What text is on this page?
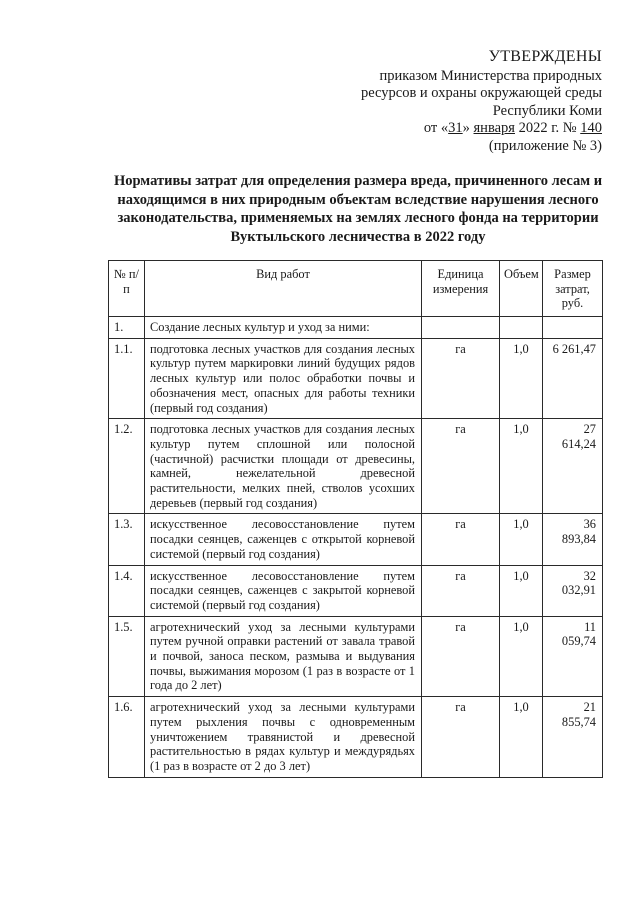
УТВЕРЖДЕНЫ
приказом Министерства природных
ресурсов и охраны окружающей среды
Республики Коми
от «31» января 2022 г. № 140
(приложение № 3)
Нормативы затрат для определения размера вреда, причиненного лесам и находящимся в них природным объектам вследствие нарушения лесного законодательства, применяемых на землях лесного фонда на территории Вуктыльского лесничества в 2022 году
№ п/п	Вид работ	Единица измерения	Объем	Размер затрат, руб.
1.	Создание лесных культур и уход за ними:			
1.1.	подготовка лесных участков для создания лесных культур путем маркировки линий будущих рядов лесных культур или полос обработки почвы и обозначения мест, опасных для работы техники (первый год создания)	га	1,0	6 261,47
1.2.	подготовка лесных участков для создания лесных культур путем сплошной или полосной (частичной) расчистки площади от древесины, камней, нежелательной древесной растительности, мелких пней, стволов усохших деревьев (первый год создания)	га	1,0	27 614,24
1.3.	искусственное лесовосстановление путем посадки сеянцев, саженцев с открытой корневой системой (первый год создания)	га	1,0	36 893,84
1.4.	искусственное лесовосстановление путем посадки сеянцев, саженцев с закрытой корневой системой (первый год создания)	га	1,0	32 032,91
1.5.	агротехнический уход за лесными культурами путем ручной оправки растений от завала травой и почвой, заноса песком, размыва и выдувания почвы, выжимания морозом (1 раз в возрасте от 1 года до 2 лет)	га	1,0	11 059,74
1.6.	агротехнический уход за лесными культурами путем рыхления почвы с одновременным уничтожением травянистой и древесной растительностью в рядах культур и междурядьях (1 раз в возрасте от 2 до 3 лет)	га	1,0	21 855,74
